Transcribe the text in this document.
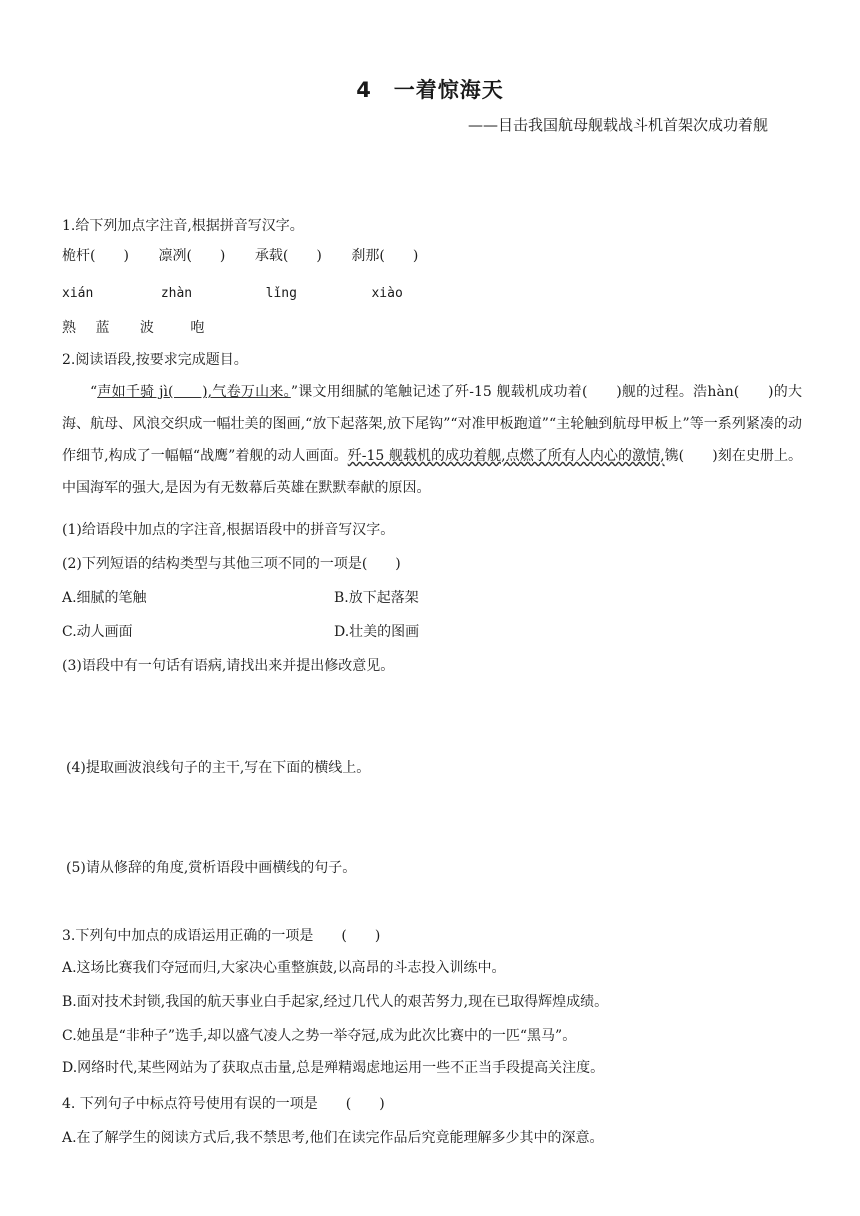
4　一着惊海天
——目击我国航母舰载战斗机首架次成功着舰
1.给下列加点字注音,根据拼音写汉字。
桅杆(　　) 凛冽(　　) 承载(　　) 刹那(　　)
xián	zhàn	lǐng	xiào
熟 蓝 波	咆
2.阅读语段,按要求完成题目。
“声如千骑 jì(　　),气卷万山来。”课文用细腻的笔触记述了歼-15 舰载机成功着(　　)舰的过程。浩hàn(　　)的大海、航母、风浪交织成一幅壮美的图画,“放下起落架,放下尾钩”“对准甲板跑道”“主轮触到航母甲板上”等一系列紧凑的动作细节,构成了一幅幅“战鹰”着舰的动人画面。歼-15 舰载机的成功着舰,点燃了所有人内心的激情,镌(　　)刻在史册上。中国海军的强大,是因为有无数幕后英雄在默默奉献的原因。
(1)给语段中加点的字注音,根据语段中的拼音写汉字。
(2)下列短语的结构类型与其他三项不同的一项是(　　)
A.细腻的笔触	B.放下起落架
C.动人画面	D.壮美的图画
(3)语段中有一句话有语病,请找出来并提出修改意见。
(4)提取画波浪线句子的主干,写在下面的横线上。
(5)请从修辞的角度,赏析语段中画横线的句子。
3.下列句中加点的成语运用正确的一项是　　(　　)
A.这场比赛我们夺冠而归,大家决心重整旗鼓,以高昂的斗志投入训练中。
B.面对技术封锁,我国的航天事业白手起家,经过几代人的艰苦努力,现在已取得辉煌成绩。
C.她虽是“非种子”选手,却以盛气凌人之势一举夺冠,成为此次比赛中的一匹“黑马”。
D.网络时代,某些网站为了获取点击量,总是殚精竭虑地运用一些不正当手段提高关注度。
4. 下列句子中标点符号使用有误的一项是　　(　　)
A.在了解学生的阅读方式后,我不禁思考,他们在读完作品后究竟能理解多少其中的深意。
